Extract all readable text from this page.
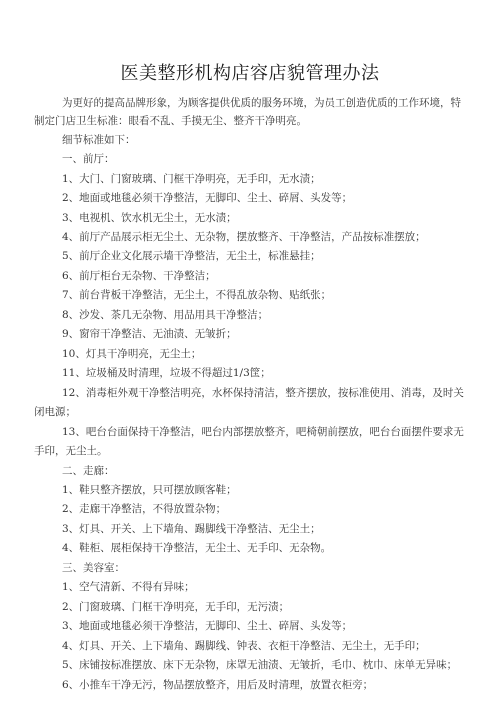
医美整形机构店容店貌管理办法
为更好的提高品牌形象，为顾客提供优质的服务环境，为员工创造优质的工作环境，特
制定门店卫生标准：眼看不乱、手摸无尘、整齐干净明亮。
细节标准如下：
一、前厅：
1、大门、门窗玻璃、门框干净明亮，无手印，无水渍；
2、地面或地毯必须干净整洁，无脚印、尘土、碎屑、头发等；
3、电视机、饮水机无尘土，无水渍；
4、前厅产品展示柜无尘土、无杂物，摆放整齐、干净整洁，产品按标准摆放；
5、前厅企业文化展示墙干净整洁，无尘土，标准悬挂；
6、前厅柜台无杂物、干净整洁；
7、前台背板干净整洁，无尘土，不得乱放杂物、贴纸张；
8、沙发、茶几无杂物、用品用具干净整洁；
9、窗帘干净整洁、无油渍、无皱折；
10、灯具干净明亮，无尘土；
11、垃圾桶及时清理，垃圾不得超过1/3筐；
12、消毒柜外观干净整洁明亮，水杯保持清洁，整齐摆放，按标准使用、消毒，及时关
闭电源；
13、吧台台面保持干净整洁，吧台内部摆放整齐，吧椅朝前摆放，吧台台面摆件要求无
手印，无尘土。
二、走廊：
1、鞋只整齐摆放，只可摆放顾客鞋；
2、走廊干净整洁，不得放置杂物；
3、灯具、开关、上下墙角、踢脚线干净整洁、无尘土；
4、鞋柜、展柜保持干净整洁，无尘土、无手印、无杂物。
三、美容室：
1、空气清新、不得有异味；
2、门窗玻璃、门框干净明亮，无手印，无污渍；
3、地面或地毯必须干净整洁，无脚印、尘土、碎屑、头发等；
4、灯具、开关、上下墙角、踢脚线、钟表、衣柜干净整洁、无尘土，无手印；
5、床铺按标准摆放、床下无杂物，床罩无油渍、无皱折，毛巾、枕巾、床单无异味；
6、小推车干净无污，物品摆放整齐，用后及时清理，放置衣柜旁；
